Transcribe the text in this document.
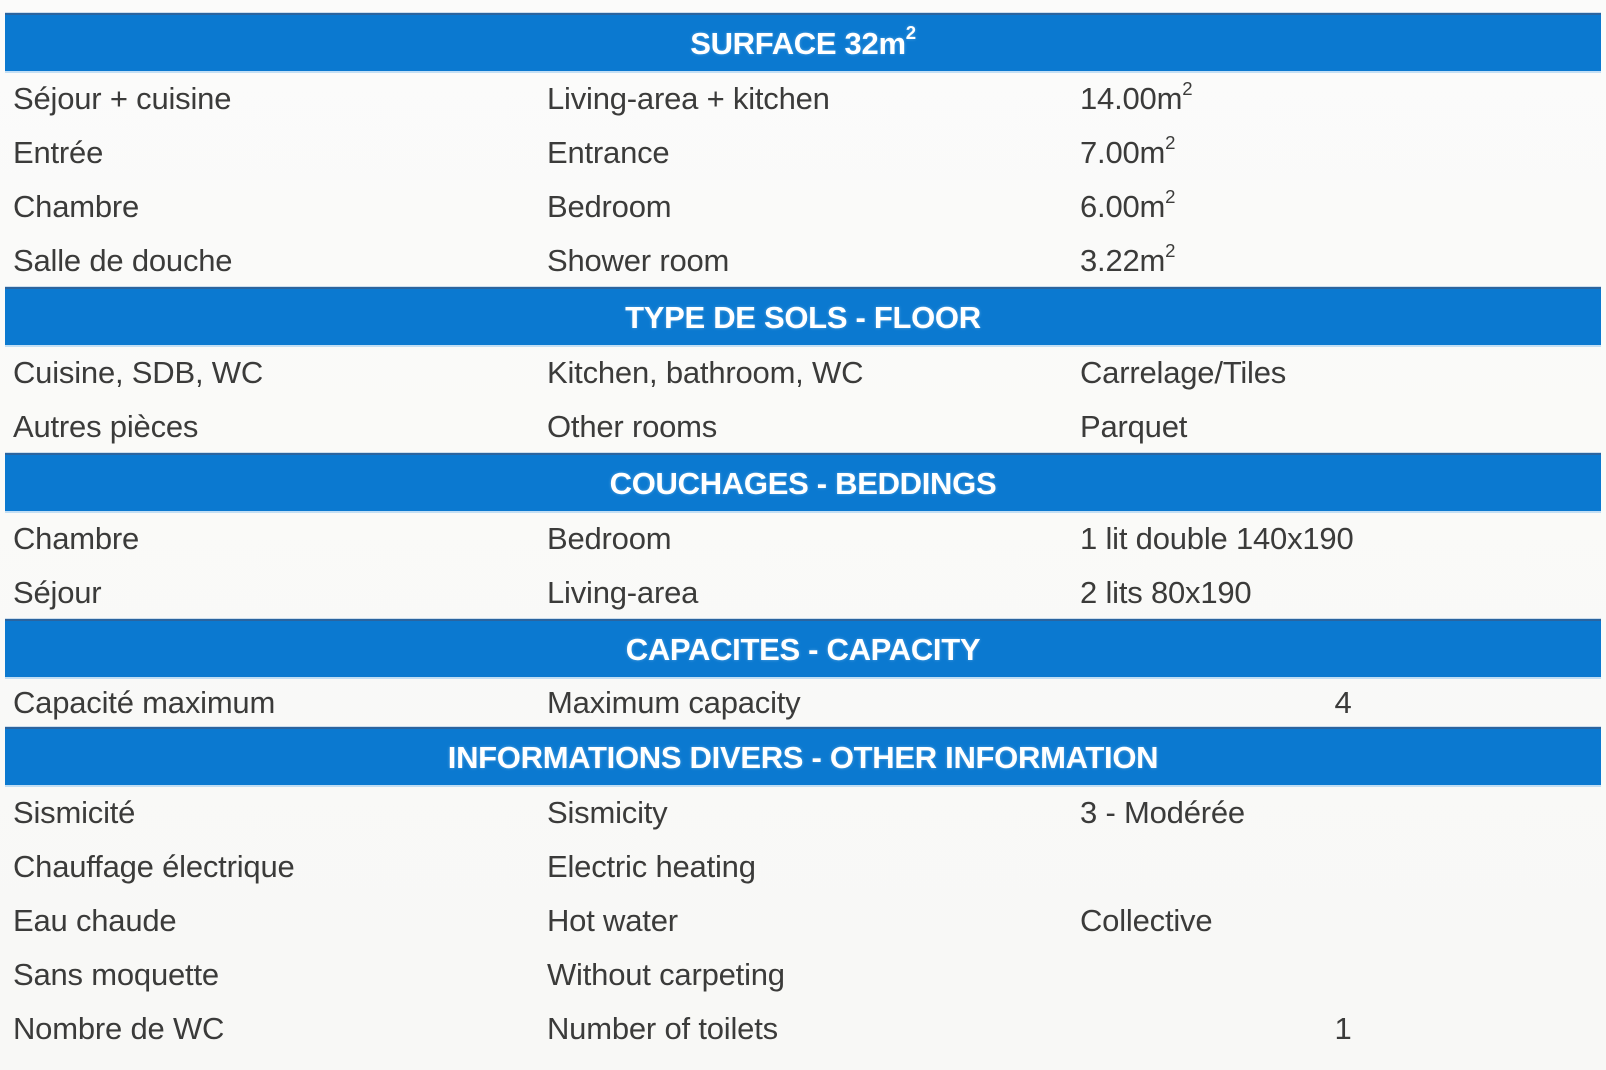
SURFACE $32m^2$
Séjour + cuisine	Living-area + kitchen	$14.00m^2$
Entrée	Entrance	$7.00m^2$
Chambre	Bedroom	$6.00m^2$
Salle de douche	Shower room	$3.22m^2$
TYPE DE SOLS - FLOOR
Cuisine, SDB, WC	Kitchen, bathroom, WC	Carrelage/Tiles
Autres pièces	Other rooms	Parquet
COUCHAGES - BEDDINGS
Chambre	Bedroom	1 lit double 140x190
Séjour	Living-area	2 lits 80x190
CAPACITES - CAPACITY
Capacité maximum	Maximum capacity	4
INFORMATIONS DIVERS - OTHER INFORMATION
Sismicité	Sismicity	3 - Modérée
Chauffage électrique	Electric heating
Eau chaude	Hot water	Collective
Sans moquette	Without carpeting
Nombre de WC	Number of toilets	1
